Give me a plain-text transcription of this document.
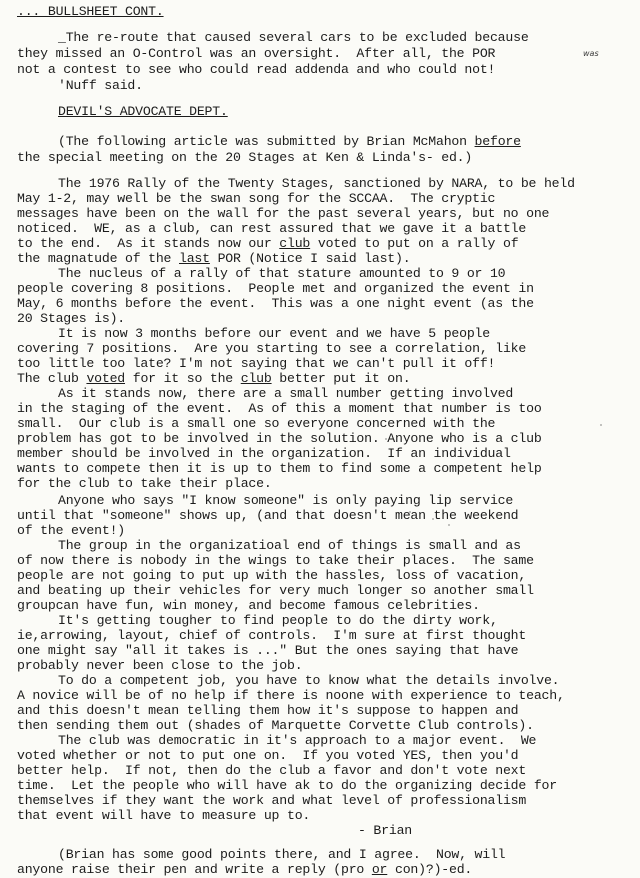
... BULLSHEET CONT.
_The re-route that caused several cars to be excluded because
they missed an O-Control was an oversight.  After all, the POR	was
not a contest to see who could read addenda and who could not!
'Nuff said.
DEVIL'S ADVOCATE DEPT.
(The following article was submitted by Brian McMahon before
the special meeting on the 20 Stages at Ken & Linda's- ed.)
The 1976 Rally of the Twenty Stages, sanctioned by NARA, to be held
May 1-2, may well be the swan song for the SCCAA.  The cryptic
messages have been on the wall for the past several years, but no one
noticed.  WE, as a club, can rest assured that we gave it a battle
to the end.  As it stands now our club voted to put on a rally of
the magnatude of the last POR (Notice I said last).
The nucleus of a rally of that stature amounted to 9 or 10
people covering 8 positions.  People met and organized the event in
May, 6 months before the event.  This was a one night event (as the
20 Stages is).
It is now 3 months before our event and we have 5 people
covering 7 positions.  Are you starting to see a correlation, like
too little too late? I'm not saying that we can't pull it off!
The club voted for it so the club better put it on.
As it stands now, there are a small number getting involved
in the staging of the event.  As of this a moment that number is too
small.  Our club is a small one so everyone concerned with the
problem has got to be involved in the solution. Anyone who is a club
member should be involved in the organization.  If an individual
wants to compete then it is up to them to find some a competent help
for the club to take their place.
Anyone who says "I know someone" is only paying lip service
until that "someone" shows up, (and that doesn't mean the weekend
of the event!)
The group in the organizatioal end of things is small and as
of now there is nobody in the wings to take their places.  The same
people are not going to put up with the hassles, loss of vacation,
and beating up their vehicles for very much longer so another small
groupcan have fun, win money, and become famous celebrities.
It's getting tougher to find people to do the dirty work,
ie,arrowing, layout, chief of controls.  I'm sure at first thought
one might say "all it takes is ..." But the ones saying that have
probably never been close to the job.
To do a competent job, you have to know what the details involve.
A novice will be of no help if there is noone with experience to teach,
and this doesn't mean telling them how it's suppose to happen and
then sending them out (shades of Marquette Corvette Club controls).
The club was democratic in it's approach to a major event.  We
voted whether or not to put one on.  If you voted YES, then you'd
better help.  If not, then do the club a favor and don't vote next
time.  Let the people who will have ak to do the organizing decide for
themselves if they want the work and what level of professionalism
that event will have to measure up to.
- Brian
(Brian has some good points there, and I agree.  Now, will
anyone raise their pen and write a reply (pro or con)?)-ed.
